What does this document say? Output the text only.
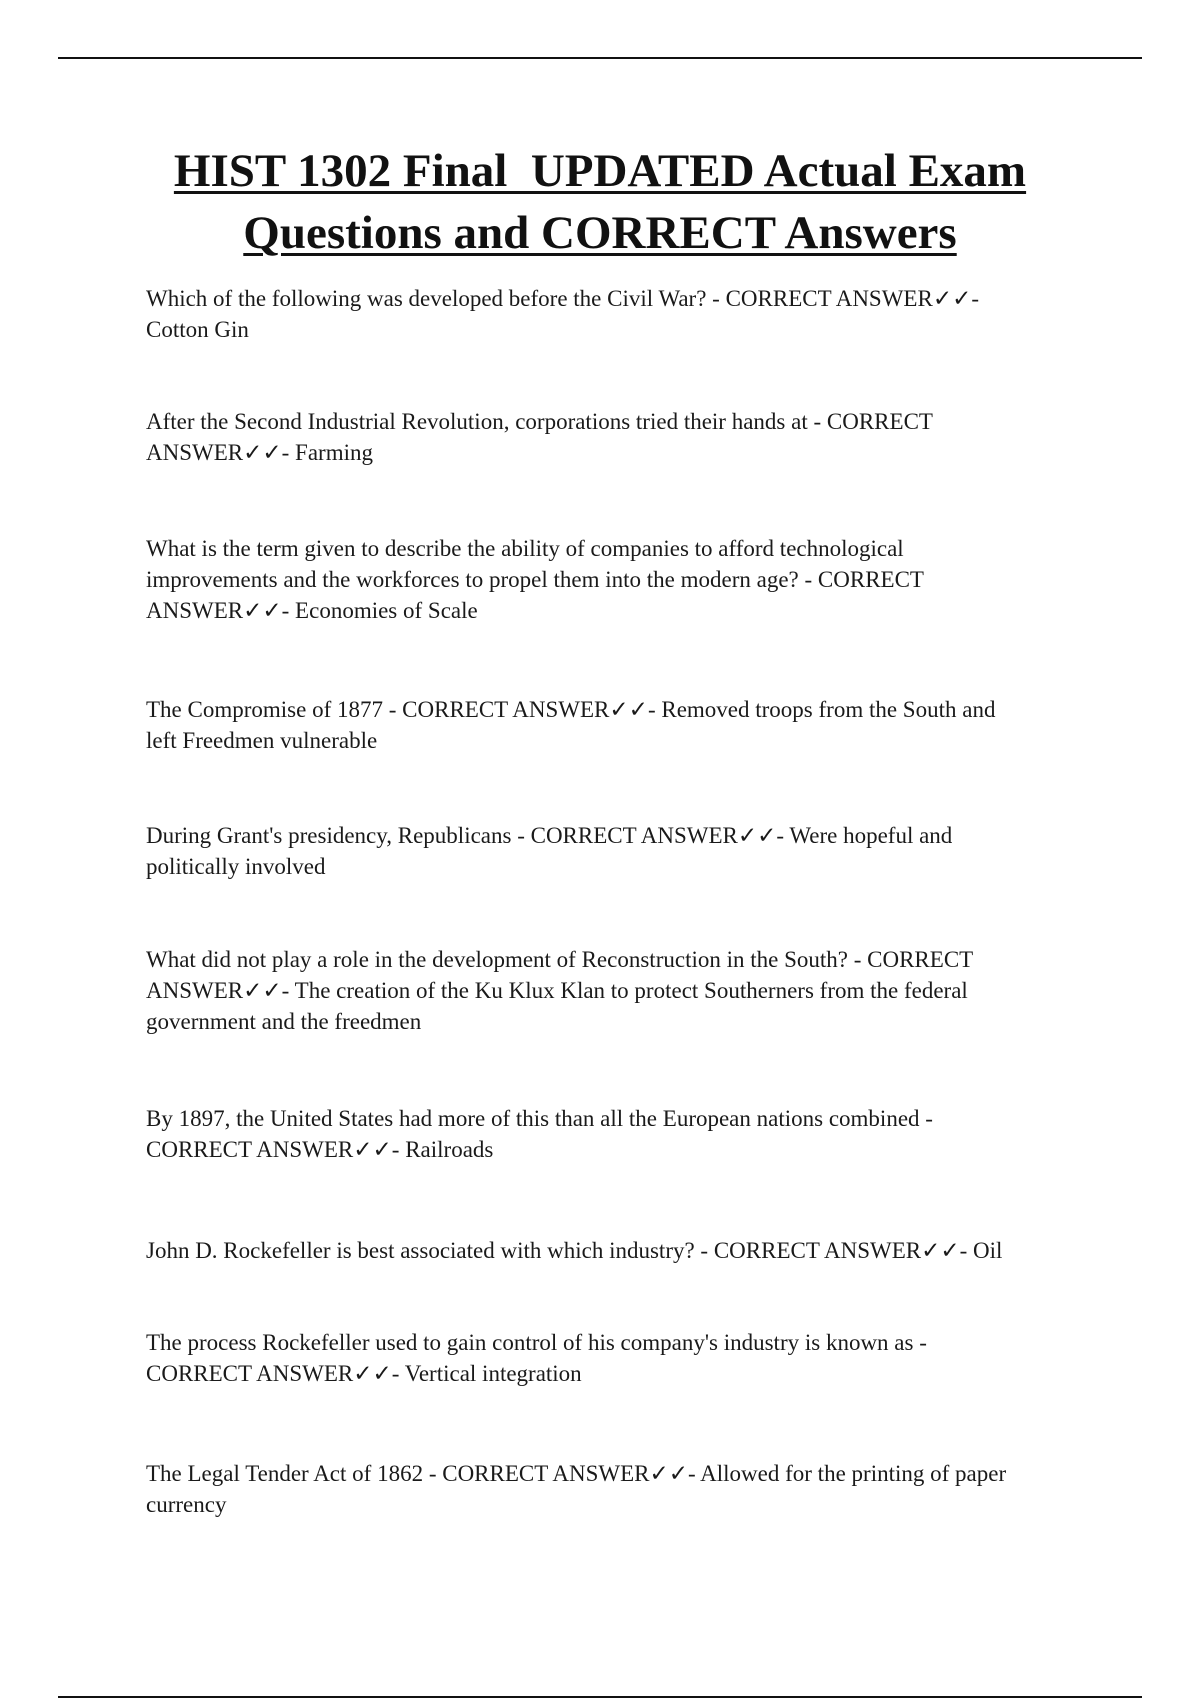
HIST 1302 Final  UPDATED Actual Exam
Questions and CORRECT Answers

Which of the following was developed before the Civil War? - CORRECT ANSWER✓✓-
Cotton Gin

After the Second Industrial Revolution, corporations tried their hands at - CORRECT
ANSWER✓✓- Farming

What is the term given to describe the ability of companies to afford technological
improvements and the workforces to propel them into the modern age? - CORRECT
ANSWER✓✓- Economies of Scale

The Compromise of 1877 - CORRECT ANSWER✓✓- Removed troops from the South and
left Freedmen vulnerable

During Grant's presidency, Republicans - CORRECT ANSWER✓✓- Were hopeful and
politically involved

What did not play a role in the development of Reconstruction in the South? - CORRECT
ANSWER✓✓- The creation of the Ku Klux Klan to protect Southerners from the federal
government and the freedmen

By 1897, the United States had more of this than all the European nations combined -
CORRECT ANSWER✓✓- Railroads

John D. Rockefeller is best associated with which industry? - CORRECT ANSWER✓✓- Oil

The process Rockefeller used to gain control of his company's industry is known as -
CORRECT ANSWER✓✓- Vertical integration

The Legal Tender Act of 1862 - CORRECT ANSWER✓✓- Allowed for the printing of paper
currency
